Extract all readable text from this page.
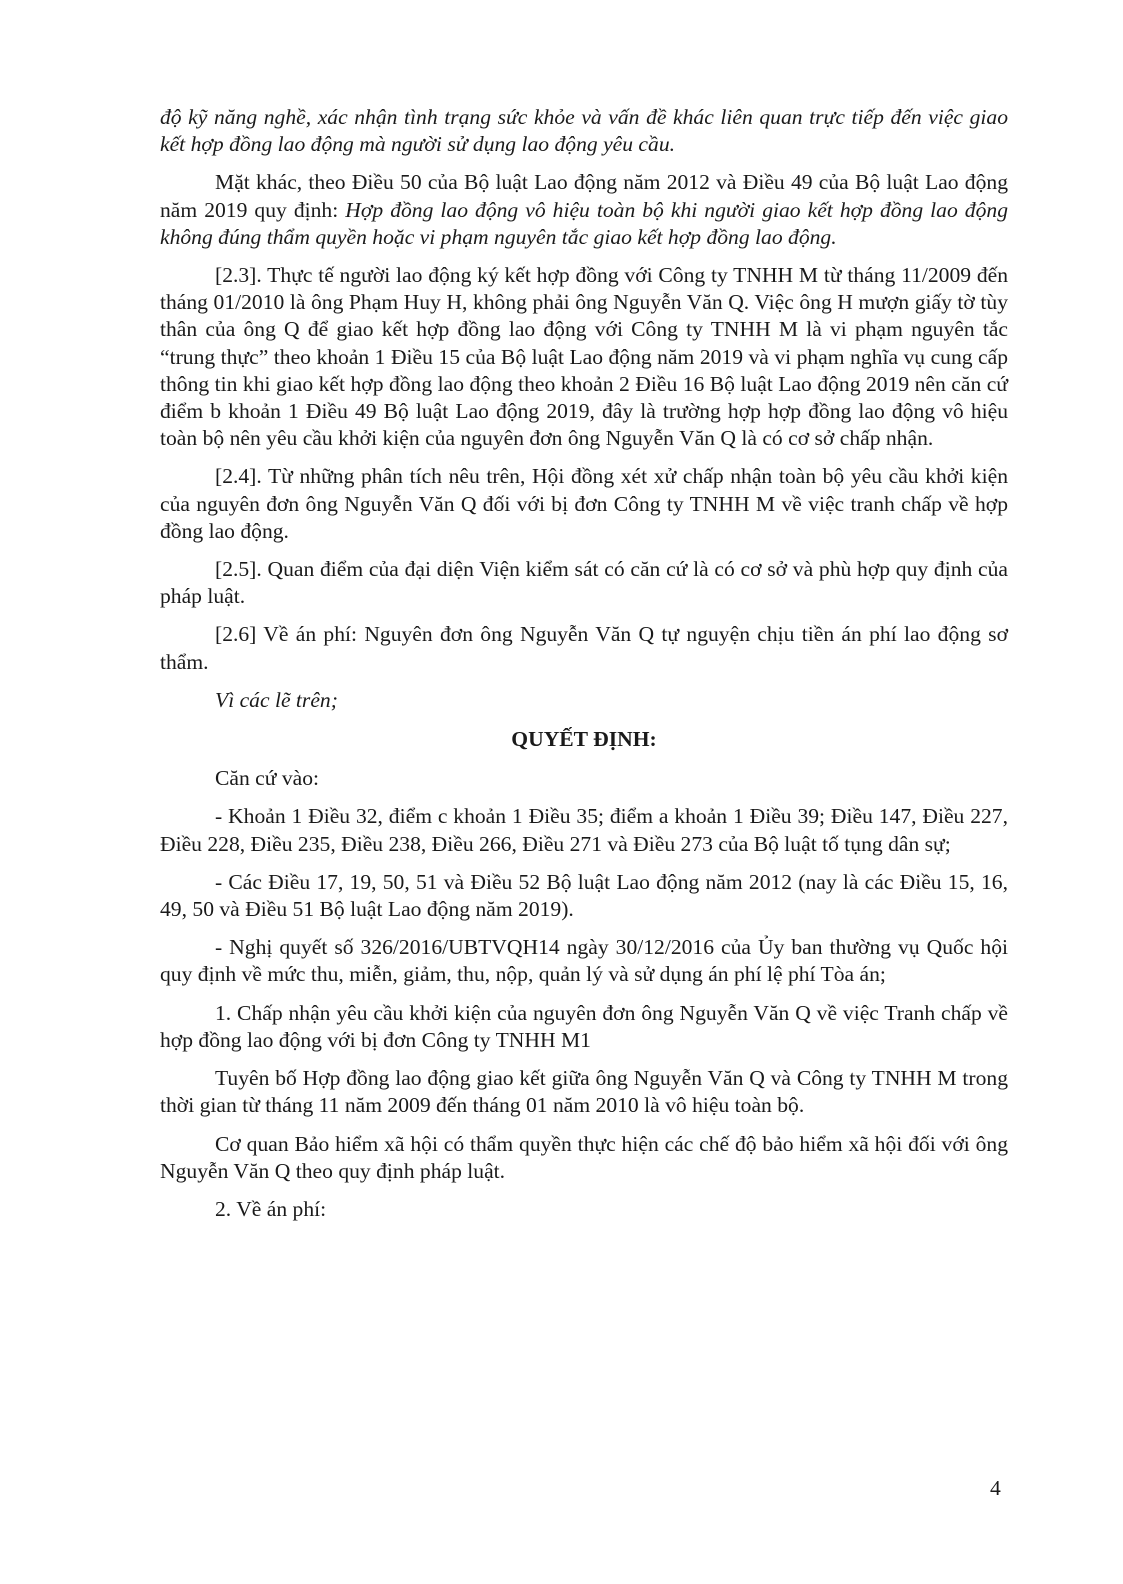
độ kỹ năng nghề, xác nhận tình trạng sức khỏe và vấn đề khác liên quan trực tiếp đến việc giao kết hợp đồng lao động mà người sử dụng lao động yêu cầu.

Mặt khác, theo Điều 50 của Bộ luật Lao động năm 2012 và Điều 49 của Bộ luật Lao động năm 2019 quy định: Hợp đồng lao động vô hiệu toàn bộ khi người giao kết hợp đồng lao động không đúng thẩm quyền hoặc vi phạm nguyên tắc giao kết hợp đồng lao động.

[2.3]. Thực tế người lao động ký kết hợp đồng với Công ty TNHH M từ tháng 11/2009 đến tháng 01/2010 là ông Phạm Huy H, không phải ông Nguyễn Văn Q. Việc ông H mượn giấy tờ tùy thân của ông Q để giao kết hợp đồng lao động với Công ty TNHH M là vi phạm nguyên tắc “trung thực” theo khoản 1 Điều 15 của Bộ luật Lao động năm 2019 và vi phạm nghĩa vụ cung cấp thông tin khi giao kết hợp đồng lao động theo khoản 2 Điều 16 Bộ luật Lao động 2019 nên căn cứ điểm b khoản 1 Điều 49 Bộ luật Lao động 2019, đây là trường hợp hợp đồng lao động vô hiệu toàn bộ nên yêu cầu khởi kiện của nguyên đơn ông Nguyễn Văn Q là có cơ sở chấp nhận.

[2.4]. Từ những phân tích nêu trên, Hội đồng xét xử chấp nhận toàn bộ yêu cầu khởi kiện của nguyên đơn ông Nguyễn Văn Q đối với bị đơn Công ty TNHH M về việc tranh chấp về hợp đồng lao động.

[2.5]. Quan điểm của đại diện Viện kiểm sát có căn cứ là có cơ sở và phù hợp quy định của pháp luật.

[2.6] Về án phí: Nguyên đơn ông Nguyễn Văn Q tự nguyện chịu tiền án phí lao động sơ thẩm.

Vì các lẽ trên;

QUYẾT ĐỊNH:

Căn cứ vào:

- Khoản 1 Điều 32, điểm c khoản 1 Điều 35; điểm a khoản 1 Điều 39; Điều 147, Điều 227, Điều 228, Điều 235, Điều 238, Điều 266, Điều 271 và Điều 273 của Bộ luật tố tụng dân sự;

- Các Điều 17, 19, 50, 51 và Điều 52 Bộ luật Lao động năm 2012 (nay là các Điều 15, 16, 49, 50 và Điều 51 Bộ luật Lao động năm 2019).

- Nghị quyết số 326/2016/UBTVQH14 ngày 30/12/2016 của Ủy ban thường vụ Quốc hội quy định về mức thu, miễn, giảm, thu, nộp, quản lý và sử dụng án phí lệ phí Tòa án;

1. Chấp nhận yêu cầu khởi kiện của nguyên đơn ông Nguyễn Văn Q về việc Tranh chấp về hợp đồng lao động với bị đơn Công ty TNHH M1

Tuyên bố Hợp đồng lao động giao kết giữa ông Nguyễn Văn Q và Công ty TNHH M trong thời gian từ tháng 11 năm 2009 đến tháng 01 năm 2010 là vô hiệu toàn bộ.

Cơ quan Bảo hiểm xã hội có thẩm quyền thực hiện các chế độ bảo hiểm xã hội đối với ông Nguyễn Văn Q theo quy định pháp luật.

2. Về án phí:

4
